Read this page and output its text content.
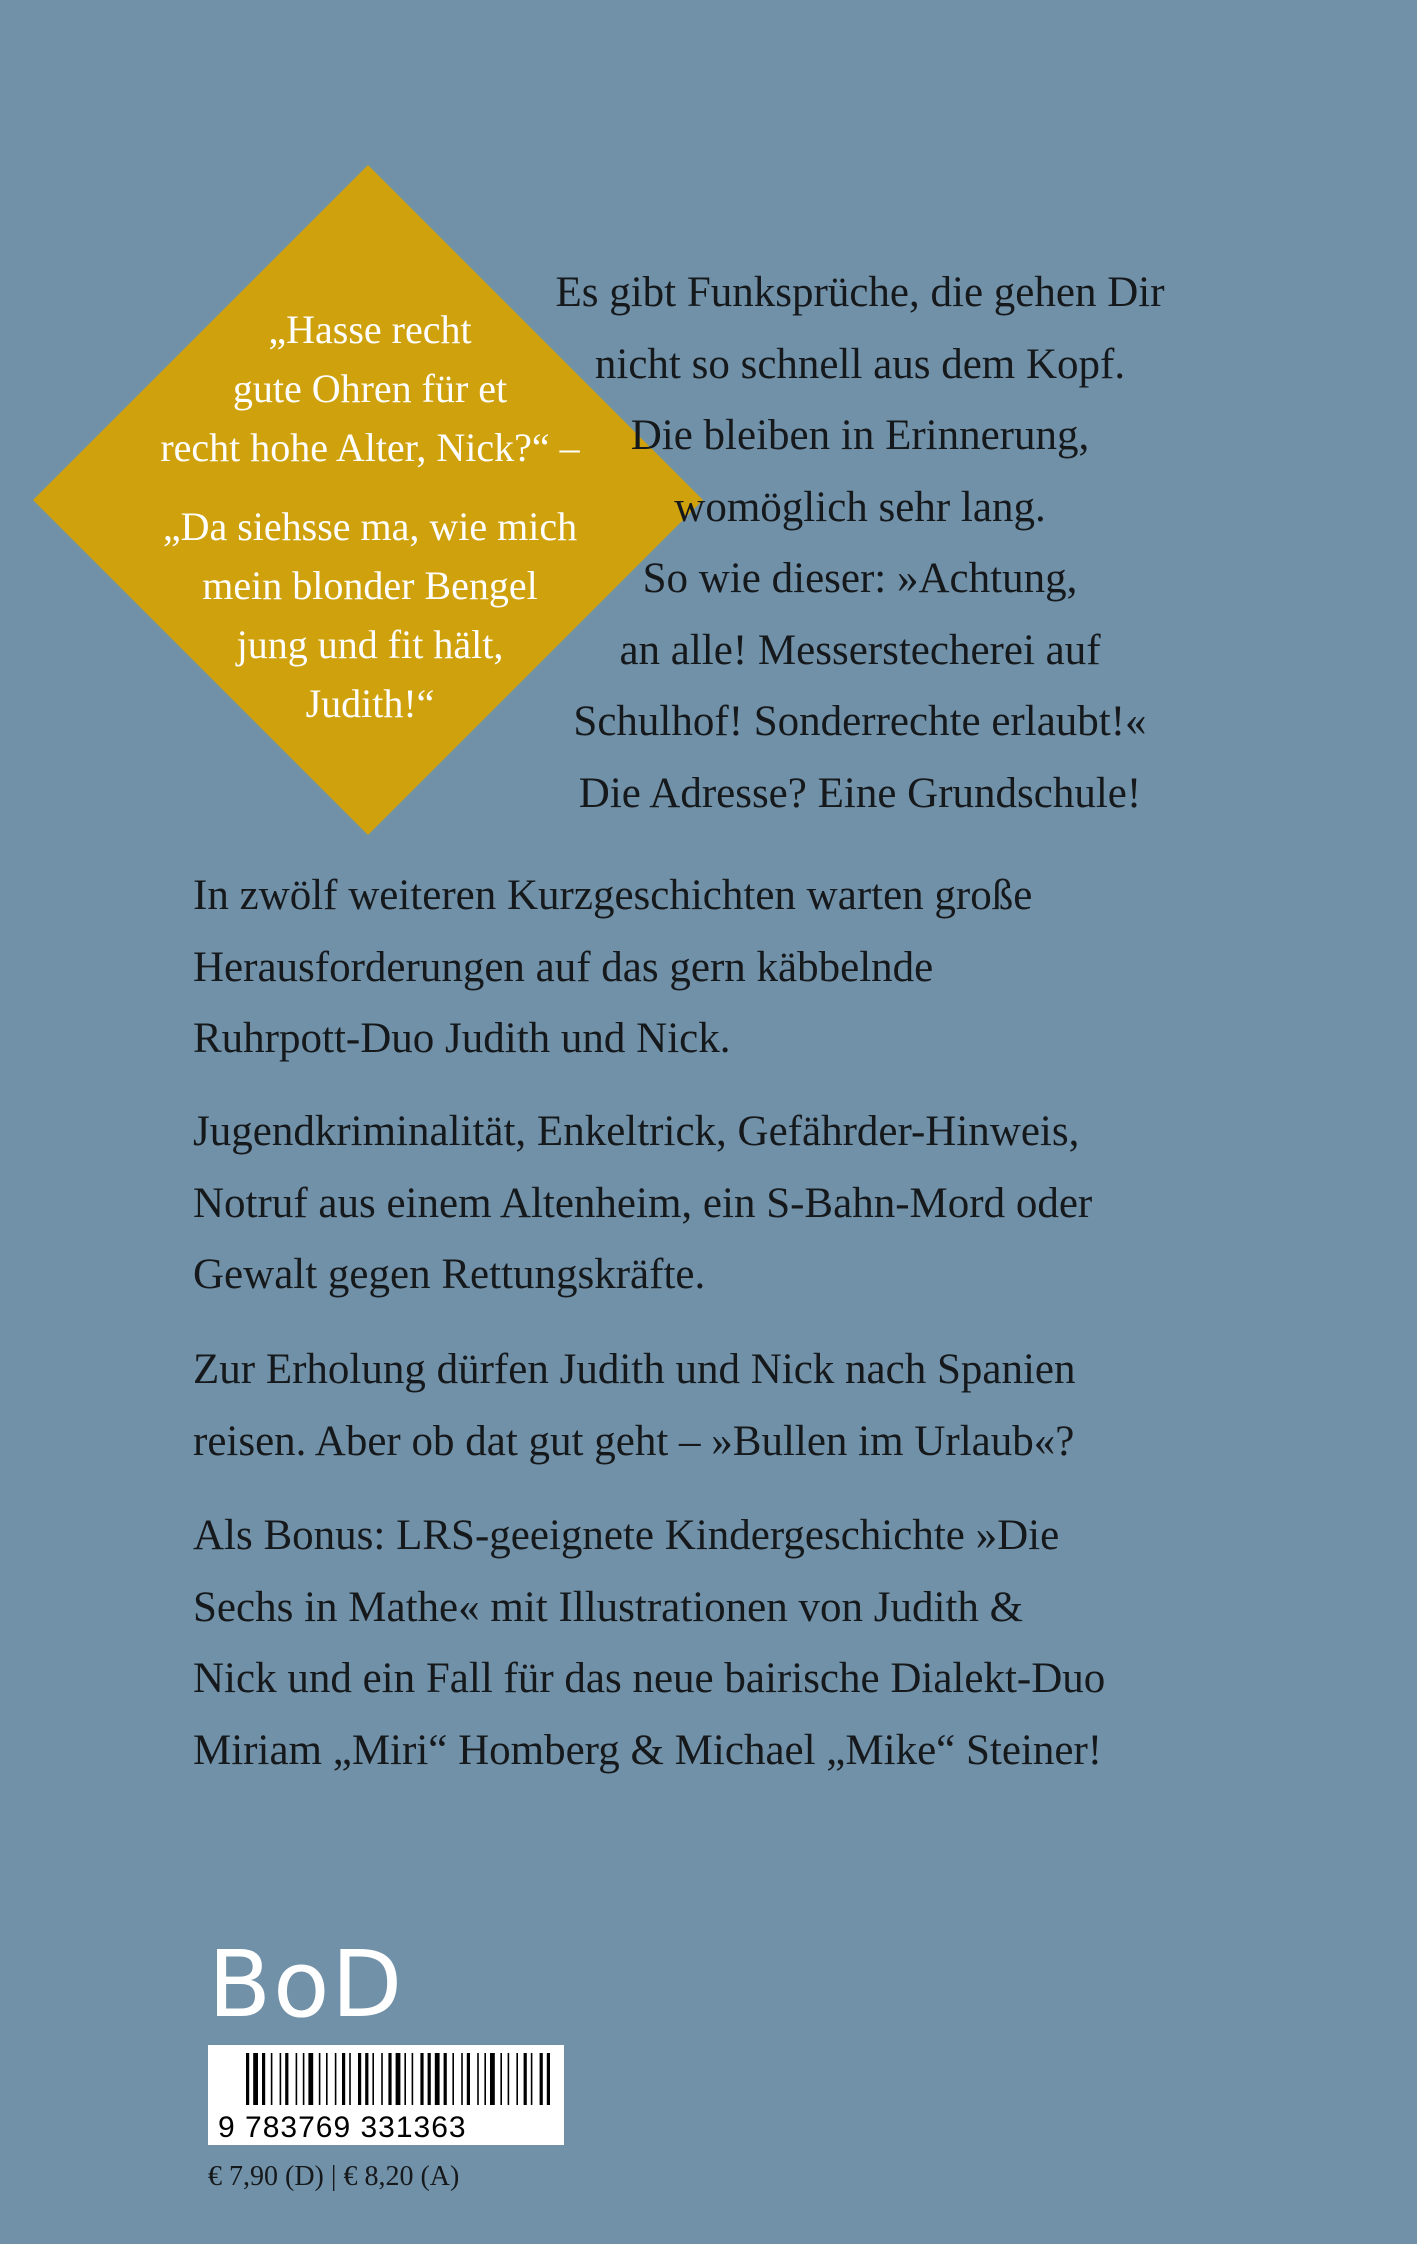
„Hasse recht
gute Ohren für et
recht hohe Alter, Nick?“ –
„Da siehsse ma, wie mich
mein blonder Bengel
jung und fit hält,
Judith!“
Es gibt Funksprüche, die gehen Dir
nicht so schnell aus dem Kopf.
Die bleiben in Erinnerung,
womöglich sehr lang.
So wie dieser: »Achtung,
an alle! Messerstecherei auf
Schulhof! Sonderrechte erlaubt!«
Die Adresse? Eine Grundschule!
In zwölf weiteren Kurzgeschichten warten große
Herausforderungen auf das gern käbbelnde
Ruhrpott-Duo Judith und Nick.
Jugendkriminalität, Enkeltrick, Gefährder-Hinweis,
Notruf aus einem Altenheim, ein S-Bahn-Mord oder
Gewalt gegen Rettungskräfte.
Zur Erholung dürfen Judith und Nick nach Spanien
reisen. Aber ob dat gut geht – »Bullen im Urlaub«?
Als Bonus: LRS-geeignete Kindergeschichte »Die
Sechs in Mathe« mit Illustrationen von Judith &
Nick und ein Fall für das neue bairische Dialekt-Duo
Miriam „Miri“ Homberg & Michael „Mike“ Steiner!
BoD
9 783769 331363
€ 7,90 (D) | € 8,20 (A)
